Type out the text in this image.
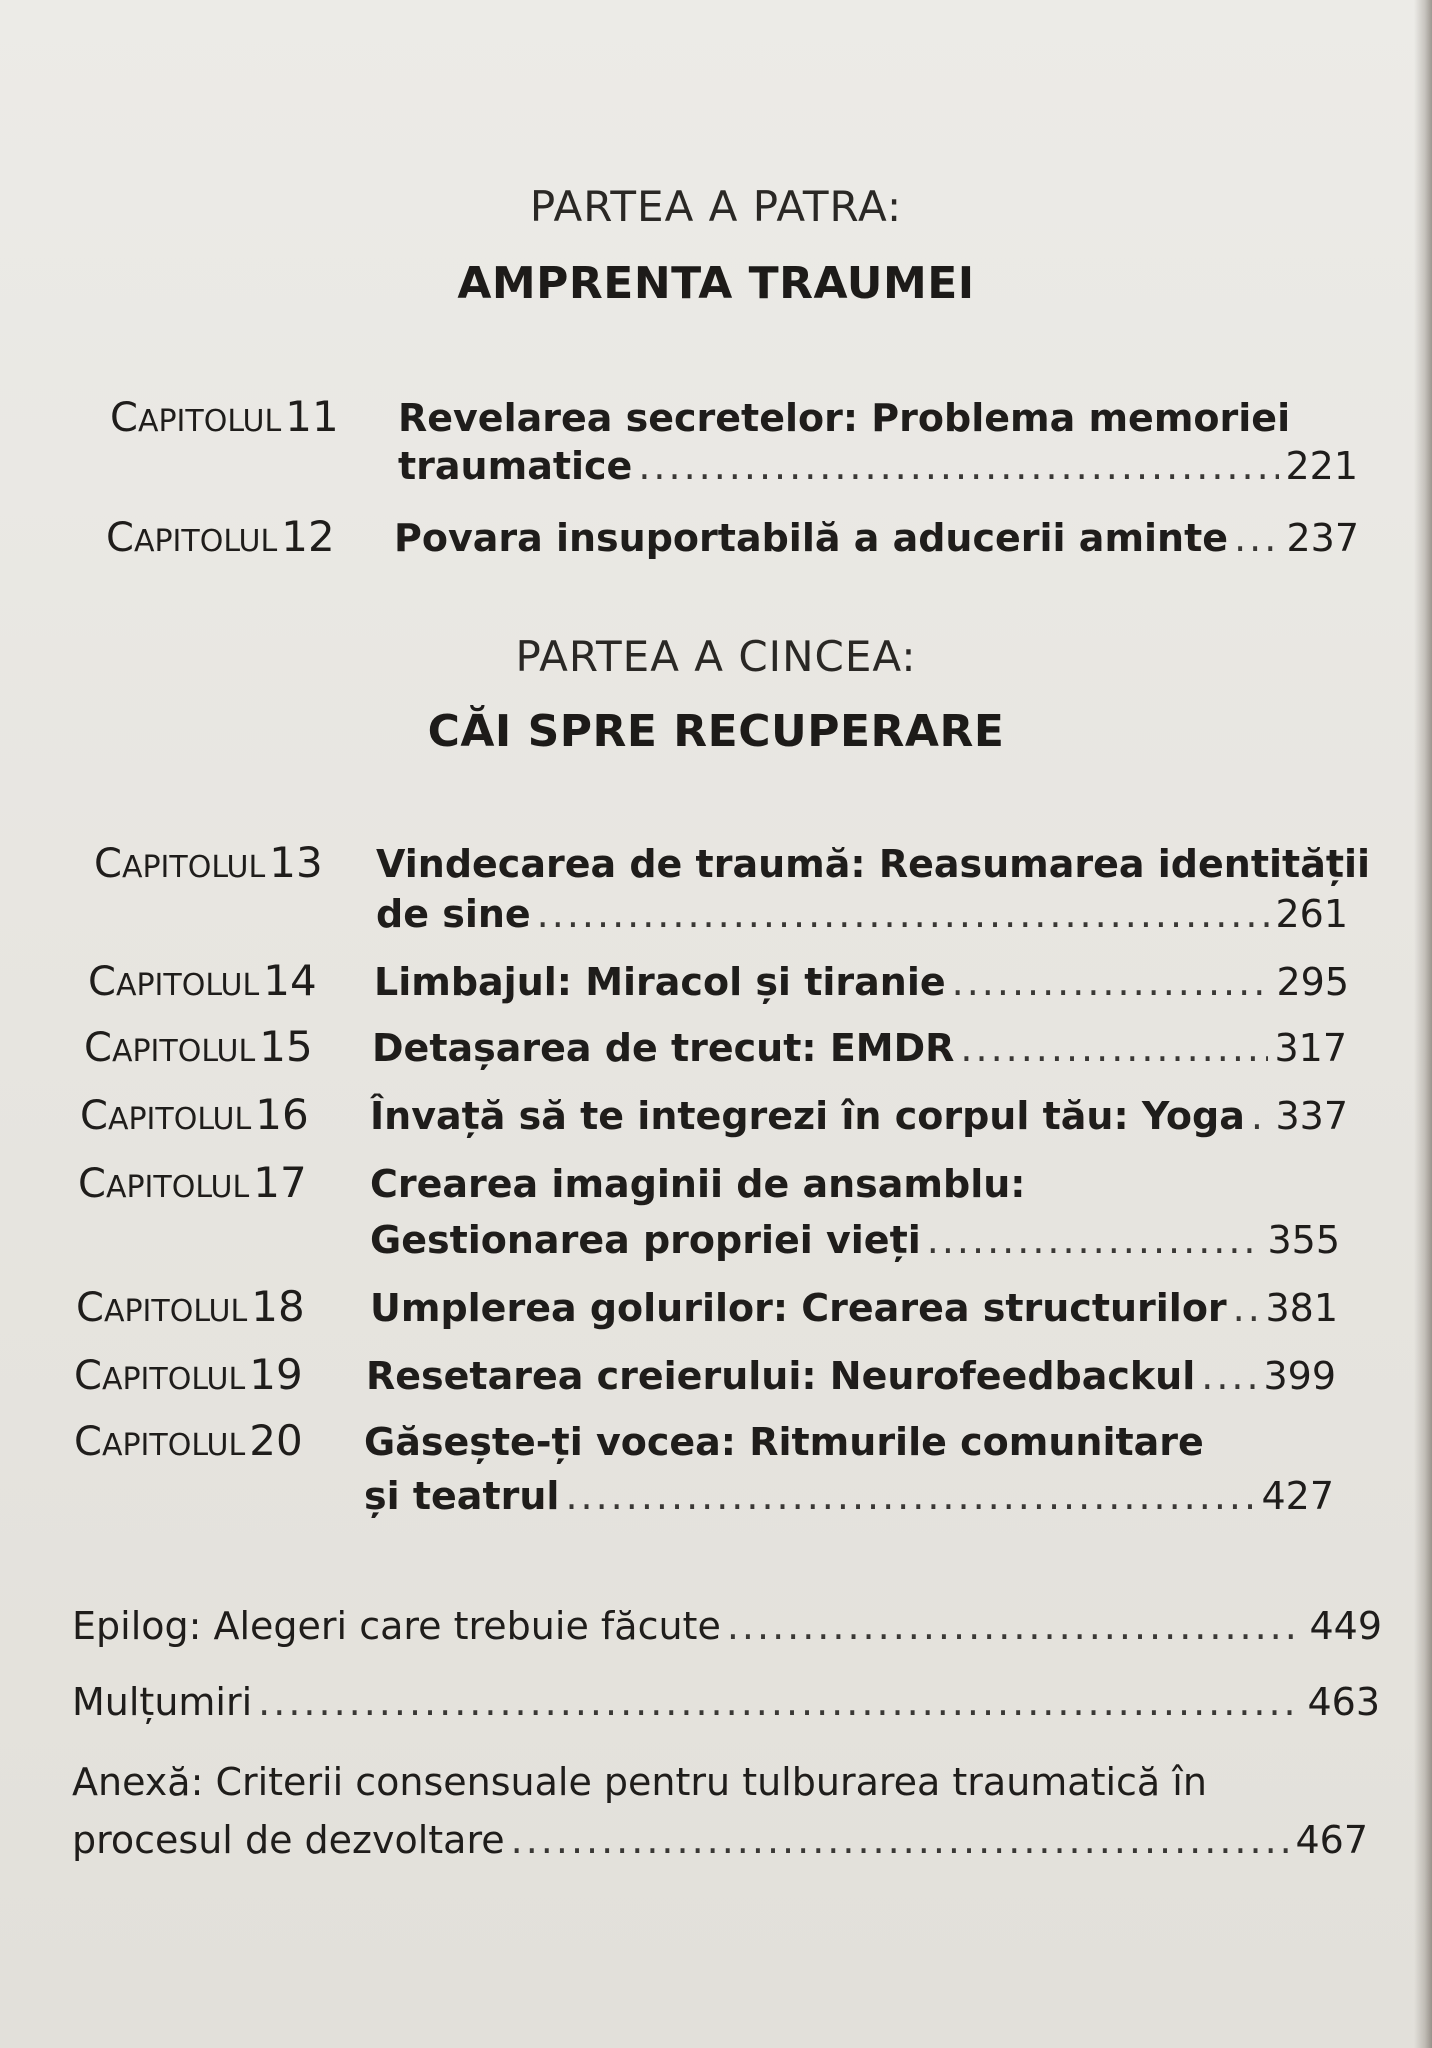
PARTEA A PATRA:
AMPRENTA TRAUMEI
CAPITOLUL11 Revelarea secretelor: Problema memoriei
traumatice .....	221
CAPITOLUL12 Povara insuportabilă a aducerii aminte ..... 237
PARTEA A CINCEA:
CĂI SPRE RECUPERARE
CAPITOLUL13 Vindecarea de traumă: Reasumarea identității
de sine .....	261
CAPITOLUL14 Limbajul: Miracol și tiranie .....	295
CAPITOLUL15 Detașarea de trecut: EMDR .....	317
CAPITOLUL16 Învață să te integrezi în corpul tău: Yoga ..... 337
CAPITOLUL17 Crearea imaginii de ansamblu:
Gestionarea propriei vieți .....	355
CAPITOLUL18 Umplerea golurilor: Crearea structurilor ..... 381
CAPITOLUL19 Resetarea creierului: Neurofeedbackul ..... 399
CAPITOLUL20 Găsește-ți vocea: Ritmurile comunitare
și teatrul .....	427
Epilog: Alegeri care trebuie făcute .....	449
Mulțumiri .....	463
Anexă: Criterii consensuale pentru tulburarea traumatică în
procesul de dezvoltare .....	467
